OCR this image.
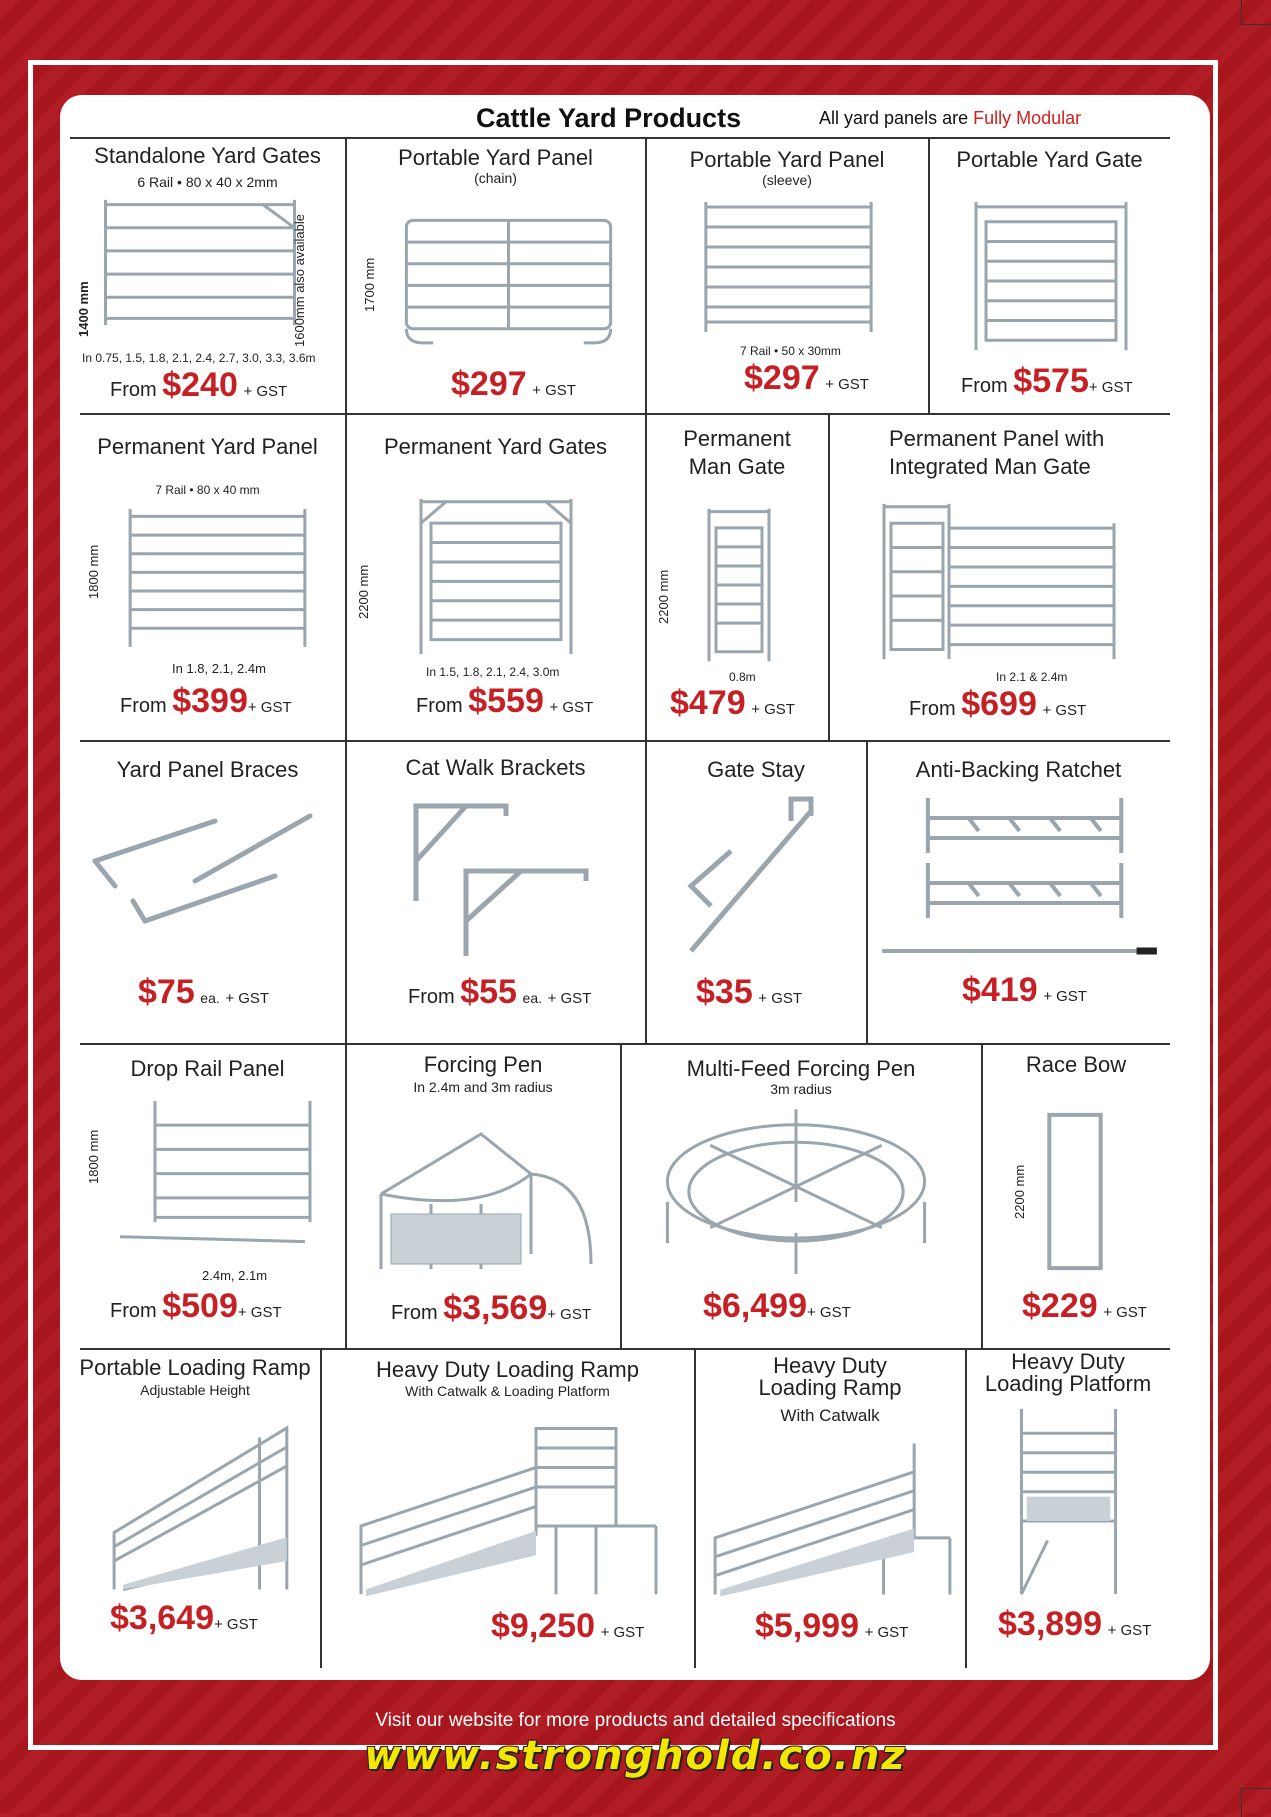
Cattle Yard Products	All yard panels are Fully Modular
Standalone Yard Gates
6 Rail • 80 x 40 x 2mm
1400 mm	1600mm also available
In 0.75, 1.5, 1.8, 2.1, 2.4, 2.7, 3.0, 3.3, 3.6m
From $240 + GST
Portable Yard Panel
(chain)
1700 mm
$297 + GST
Portable Yard Panel
(sleeve)
7 Rail • 50 x 30mm
$297 + GST
Portable Yard Gate
From $575+ GST
Permanent Yard Panel
7 Rail • 80 x 40 mm
1800 mm
In 1.8, 2.1, 2.4m
From $399+ GST
Permanent Yard Gates
2200 mm
In 1.5, 1.8, 2.1, 2.4, 3.0m
From $559 + GST
Permanent
Man Gate
2200 mm
0.8m
$479 + GST
Permanent Panel with
Integrated Man Gate
In 2.1 & 2.4m
From $699 + GST
Yard Panel Braces
$75 ea. + GST
Cat Walk Brackets
From $55 ea. + GST
Gate Stay
$35 + GST
Anti-Backing Ratchet
$419 + GST
Drop Rail Panel
1800 mm
2.4m, 2.1m
From $509+ GST
Forcing Pen
In 2.4m and 3m radius
From $3,569+ GST
Multi-Feed Forcing Pen
3m radius
$6,499+ GST
Race Bow
2200 mm
$229 + GST
Portable Loading Ramp
Adjustable Height
$3,649+ GST
Heavy Duty Loading Ramp
With Catwalk & Loading Platform
$9,250 + GST
Heavy Duty
Loading Ramp
With Catwalk
$5,999 + GST
Heavy Duty
Loading Platform
$3,899 + GST
Visit our website for more products and detailed specifications
www.stronghold.co.nz
